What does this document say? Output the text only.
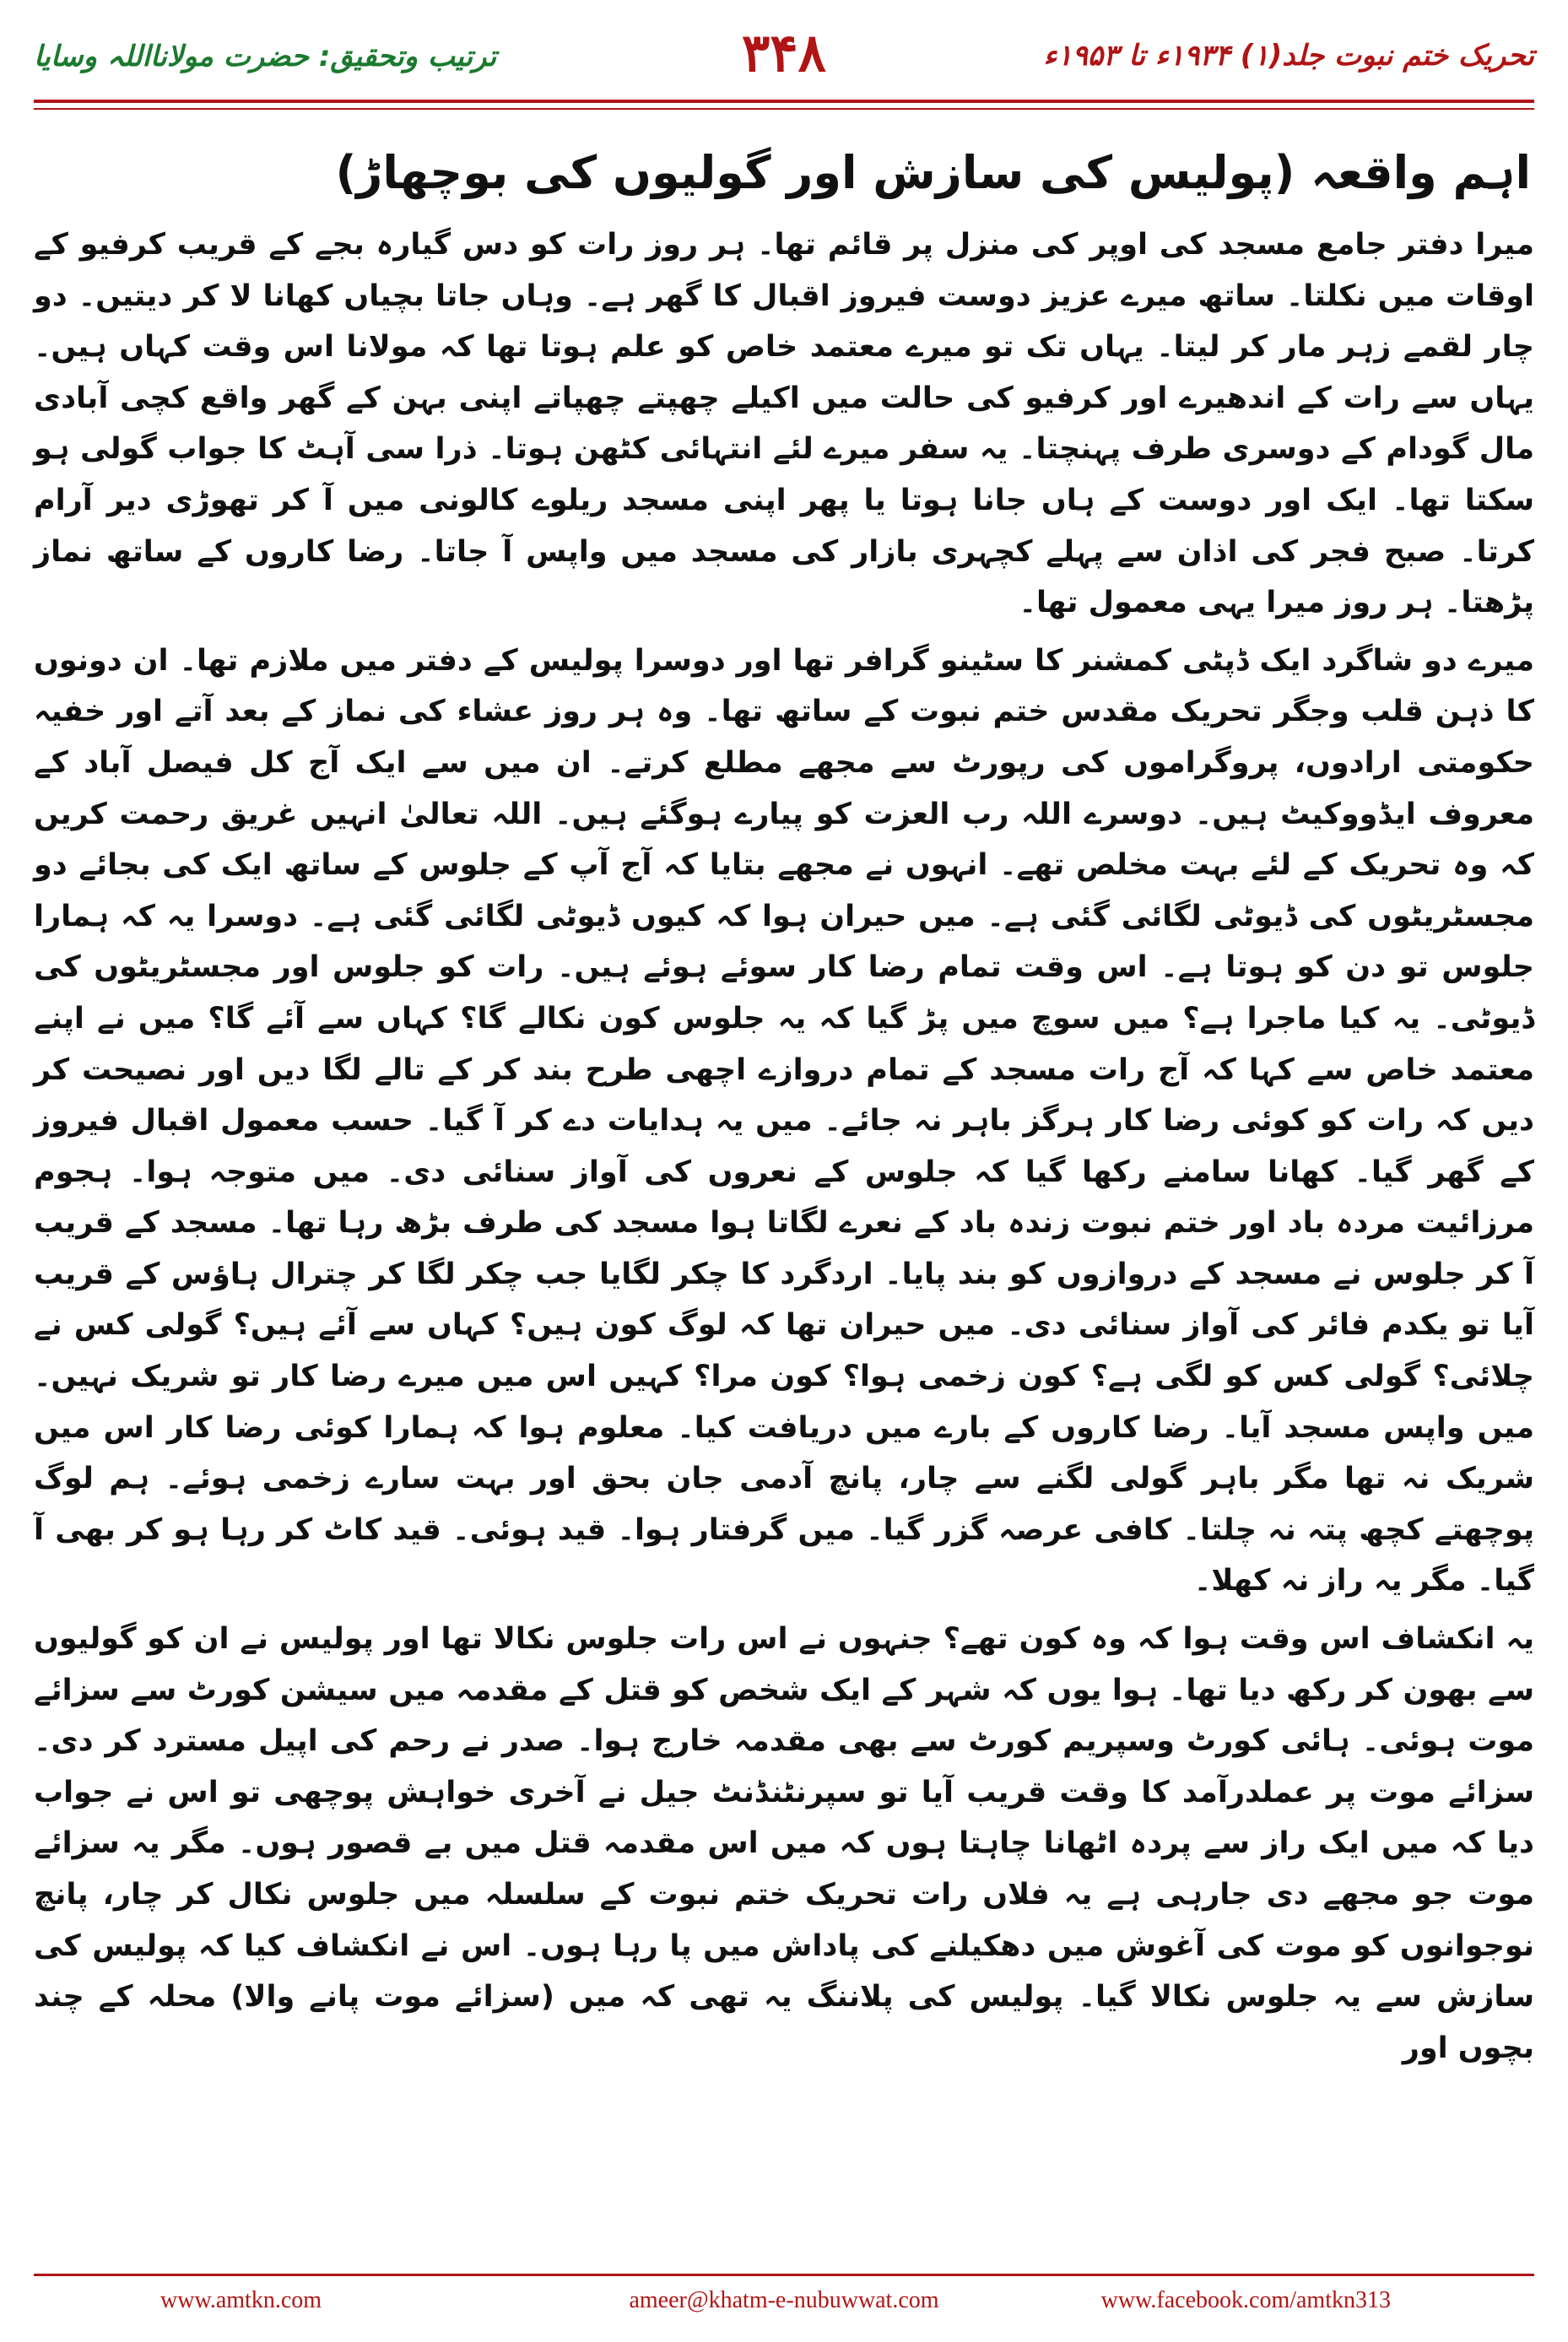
ترتیب وتحقیق: حضرت مولانااللہ وسایا	۳۴۸	تحریک ختم نبوت جلد(۱) ۱۹۳۴ء تا ۱۹۵۳ء
اہم واقعہ (پولیس کی سازش اور گولیوں کی بوچھاڑ)

میرا دفتر جامع مسجد کی اوپر کی منزل پر قائم تھا۔ ہر روز رات کو دس گیارہ بجے کے قریب کرفیو کے اوقات میں نکلتا۔ ساتھ میرے عزیز دوست فیروز اقبال کا گھر ہے۔ وہاں جاتا بچیاں کھانا لا کر دیتیں۔ دو چار لقمے زہر مار کر لیتا۔ یہاں تک تو میرے معتمد خاص کو علم ہوتا تھا کہ مولانا اس وقت کہاں ہیں۔ یہاں سے رات کے اندھیرے اور کرفیو کی حالت میں اکیلے چھپتے چھپاتے اپنی بہن کے گھر واقع کچی آبادی مال گودام کے دوسری طرف پہنچتا۔ یہ سفر میرے لئے انتہائی کٹھن ہوتا۔ ذرا سی آہٹ کا جواب گولی ہو سکتا تھا۔ ایک اور دوست کے ہاں جانا ہوتا یا پھر اپنی مسجد ریلوے کالونی میں آ کر تھوڑی دیر آرام کرتا۔ صبح فجر کی اذان سے پہلے کچہری بازار کی مسجد میں واپس آ جاتا۔ رضا کاروں کے ساتھ نماز پڑھتا۔ ہر روز میرا یہی معمول تھا۔

میرے دو شاگرد ایک ڈپٹی کمشنر کا سٹینو گرافر تھا اور دوسرا پولیس کے دفتر میں ملازم تھا۔ ان دونوں کا ذہن قلب وجگر تحریک مقدس ختم نبوت کے ساتھ تھا۔ وہ ہر روز عشاء کی نماز کے بعد آتے اور خفیہ حکومتی ارادوں، پروگراموں کی رپورٹ سے مجھے مطلع کرتے۔ ان میں سے ایک آج کل فیصل آباد کے معروف ایڈووکیٹ ہیں۔ دوسرے اللہ رب العزت کو پیارے ہوگئے ہیں۔ اللہ تعالیٰ انہیں غریق رحمت کریں کہ وہ تحریک کے لئے بہت مخلص تھے۔ انہوں نے مجھے بتایا کہ آج آپ کے جلوس کے ساتھ ایک کی بجائے دو مجسٹریٹوں کی ڈیوٹی لگائی گئی ہے۔ میں حیران ہوا کہ کیوں ڈیوٹی لگائی گئی ہے۔ دوسرا یہ کہ ہمارا جلوس تو دن کو ہوتا ہے۔ اس وقت تمام رضا کار سوئے ہوئے ہیں۔ رات کو جلوس اور مجسٹریٹوں کی ڈیوٹی۔ یہ کیا ماجرا ہے؟ میں سوچ میں پڑ گیا کہ یہ جلوس کون نکالے گا؟ کہاں سے آئے گا؟ میں نے اپنے معتمد خاص سے کہا کہ آج رات مسجد کے تمام دروازے اچھی طرح بند کر کے تالے لگا دیں اور نصیحت کر دیں کہ رات کو کوئی رضا کار ہرگز باہر نہ جائے۔ میں یہ ہدایات دے کر آ گیا۔ حسب معمول اقبال فیروز کے گھر گیا۔ کھانا سامنے رکھا گیا کہ جلوس کے نعروں کی آواز سنائی دی۔ میں متوجہ ہوا۔ ہجوم مرزائیت مردہ باد اور ختم نبوت زندہ باد کے نعرے لگاتا ہوا مسجد کی طرف بڑھ رہا تھا۔ مسجد کے قریب آ کر جلوس نے مسجد کے دروازوں کو بند پایا۔ اردگرد کا چکر لگایا جب چکر لگا کر چترال ہاؤس کے قریب آیا تو یکدم فائر کی آواز سنائی دی۔ میں حیران تھا کہ لوگ کون ہیں؟ کہاں سے آئے ہیں؟ گولی کس نے چلائی؟ گولی کس کو لگی ہے؟ کون زخمی ہوا؟ کون مرا؟ کہیں اس میں میرے رضا کار تو شریک نہیں۔ میں واپس مسجد آیا۔ رضا کاروں کے بارے میں دریافت کیا۔ معلوم ہوا کہ ہمارا کوئی رضا کار اس میں شریک نہ تھا مگر باہر گولی لگنے سے چار، پانچ آدمی جان بحق اور بہت سارے زخمی ہوئے۔ ہم لوگ پوچھتے کچھ پتہ نہ چلتا۔ کافی عرصہ گزر گیا۔ میں گرفتار ہوا۔ قید ہوئی۔ قید کاٹ کر رہا ہو کر بھی آ گیا۔ مگر یہ راز نہ کھلا۔

یہ انکشاف اس وقت ہوا کہ وہ کون تھے؟ جنہوں نے اس رات جلوس نکالا تھا اور پولیس نے ان کو گولیوں سے بھون کر رکھ دیا تھا۔ ہوا یوں کہ شہر کے ایک شخص کو قتل کے مقدمہ میں سیشن کورٹ سے سزائے موت ہوئی۔ ہائی کورٹ وسپریم کورٹ سے بھی مقدمہ خارج ہوا۔ صدر نے رحم کی اپیل مسترد کر دی۔ سزائے موت پر عملدرآمد کا وقت قریب آیا تو سپرنٹنڈنٹ جیل نے آخری خواہش پوچھی تو اس نے جواب دیا کہ میں ایک راز سے پردہ اٹھانا چاہتا ہوں کہ میں اس مقدمہ قتل میں بے قصور ہوں۔ مگر یہ سزائے موت جو مجھے دی جارہی ہے یہ فلاں رات تحریک ختم نبوت کے سلسلہ میں جلوس نکال کر چار، پانچ نوجوانوں کو موت کی آغوش میں دھکیلنے کی پاداش میں پا رہا ہوں۔ اس نے انکشاف کیا کہ پولیس کی سازش سے یہ جلوس نکالا گیا۔ پولیس کی پلاننگ یہ تھی کہ میں (سزائے موت پانے والا) محلہ کے چند بچوں اور

www.amtkn.com	ameer@khatm-e-nubuwwat.com	www.facebook.com/amtkn313
